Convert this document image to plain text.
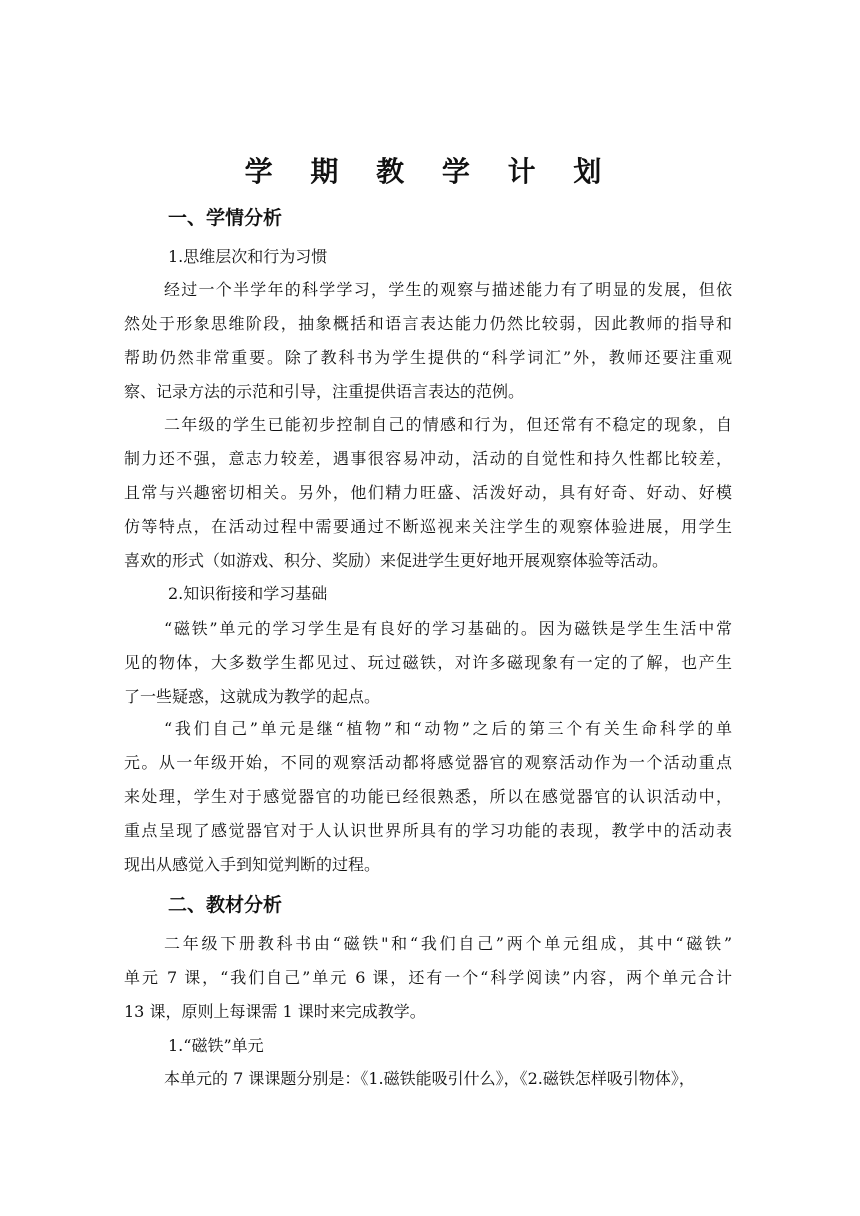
学 期 教 学 计 划
一、学情分析
1.思维层次和行为习惯
经过一个半学年的科学学习，学生的观察与描述能力有了明显的发展，但依
然处于形象思维阶段，抽象概括和语言表达能力仍然比较弱，因此教师的指导和
帮助仍然非常重要。除了教科书为学生提供的“科学词汇”外，教师还要注重观
察、记录方法的示范和引导，注重提供语言表达的范例。
二年级的学生已能初步控制自己的情感和行为，但还常有不稳定的现象，自
制力还不强，意志力较差，遇事很容易冲动，活动的自觉性和持久性都比较差，
且常与兴趣密切相关。另外，他们精力旺盛、活泼好动，具有好奇、好动、好模
仿等特点，在活动过程中需要通过不断巡视来关注学生的观察体验进展，用学生
喜欢的形式（如游戏、积分、奖励）来促进学生更好地开展观察体验等活动。
2.知识衔接和学习基础
“磁铁”单元的学习学生是有良好的学习基础的。因为磁铁是学生生活中常
见的物体，大多数学生都见过、玩过磁铁，对许多磁现象有一定的了解，也产生
了一些疑惑，这就成为教学的起点。
“我们自己”单元是继“植物”和“动物”之后的第三个有关生命科学的单
元。从一年级开始，不同的观察活动都将感觉器官的观察活动作为一个活动重点
来处理，学生对于感觉器官的功能已经很熟悉，所以在感觉器官的认识活动中，
重点呈现了感觉器官对于人认识世界所具有的学习功能的表现，教学中的活动表
现出从感觉入手到知觉判断的过程。
二、教材分析
二年级下册教科书由“磁铁"和“我们自己”两个单元组成，其中“磁铁”
单元 7 课，“我们自己”单元 6 课，还有一个“科学阅读”内容，两个单元合计
13 课，原则上每课需 1 课时来完成教学。
1.“磁铁”单元
本单元的 7 课课题分别是：《1.磁铁能吸引什么》，《2.磁铁怎样吸引物体》，
